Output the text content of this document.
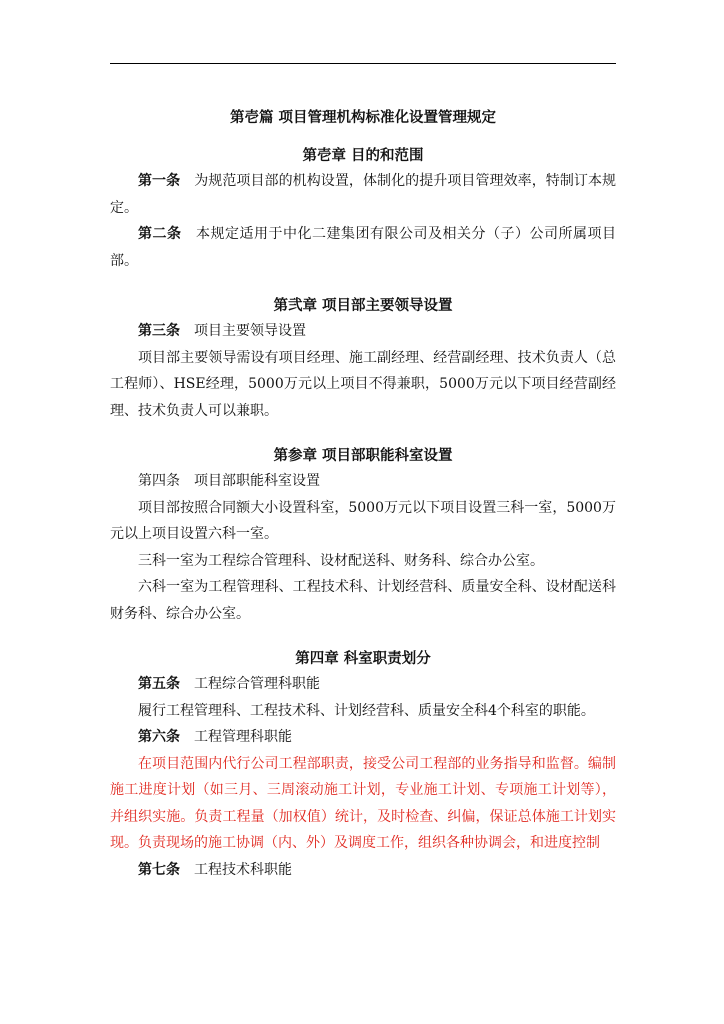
第壱篇 项目管理机构标准化设置管理规定
第壱章 目的和范围

第一条 为规范项目部的机构设置，体制化的提升项目管理效率，特制订本规定。

第二条 本规定适用于中化二建集团有限公司及相关分（子）公司所属项目部。

第弐章 项目部主要领导设置

第三条 项目主要领导设置

项目部主要领导需设有项目经理、施工副经理、经营副经理、技术负责人（总工程师）、HSE经理，5000万元以上项目不得兼职，5000万元以下项目经营副经理、技术负责人可以兼职。

第参章 项目部职能科室设置

第四条 项目部职能科室设置

项目部按照合同额大小设置科室，5000万元以下项目设置三科一室，5000万元以上项目设置六科一室。

三科一室为工程综合管理科、设材配送科、财务科、综合办公室。

六科一室为工程管理科、工程技术科、计划经营科、质量安全科、设材配送科财务科、综合办公室。

第四章 科室职责划分

第五条 工程综合管理科职能

履行工程管理科、工程技术科、计划经营科、质量安全科4个科室的职能。

第六条 工程管理科职能

在项目范围内代行公司工程部职责，接受公司工程部的业务指导和监督。编制施工进度计划（如三月、三周滚动施工计划，专业施工计划、专项施工计划等），并组织实施。负责工程量（加权值）统计，及时检查、纠偏，保证总体施工计划实现。负责现场的施工协调（内、外）及调度工作，组织各种协调会，和进度控制

第七条 工程技术科职能
